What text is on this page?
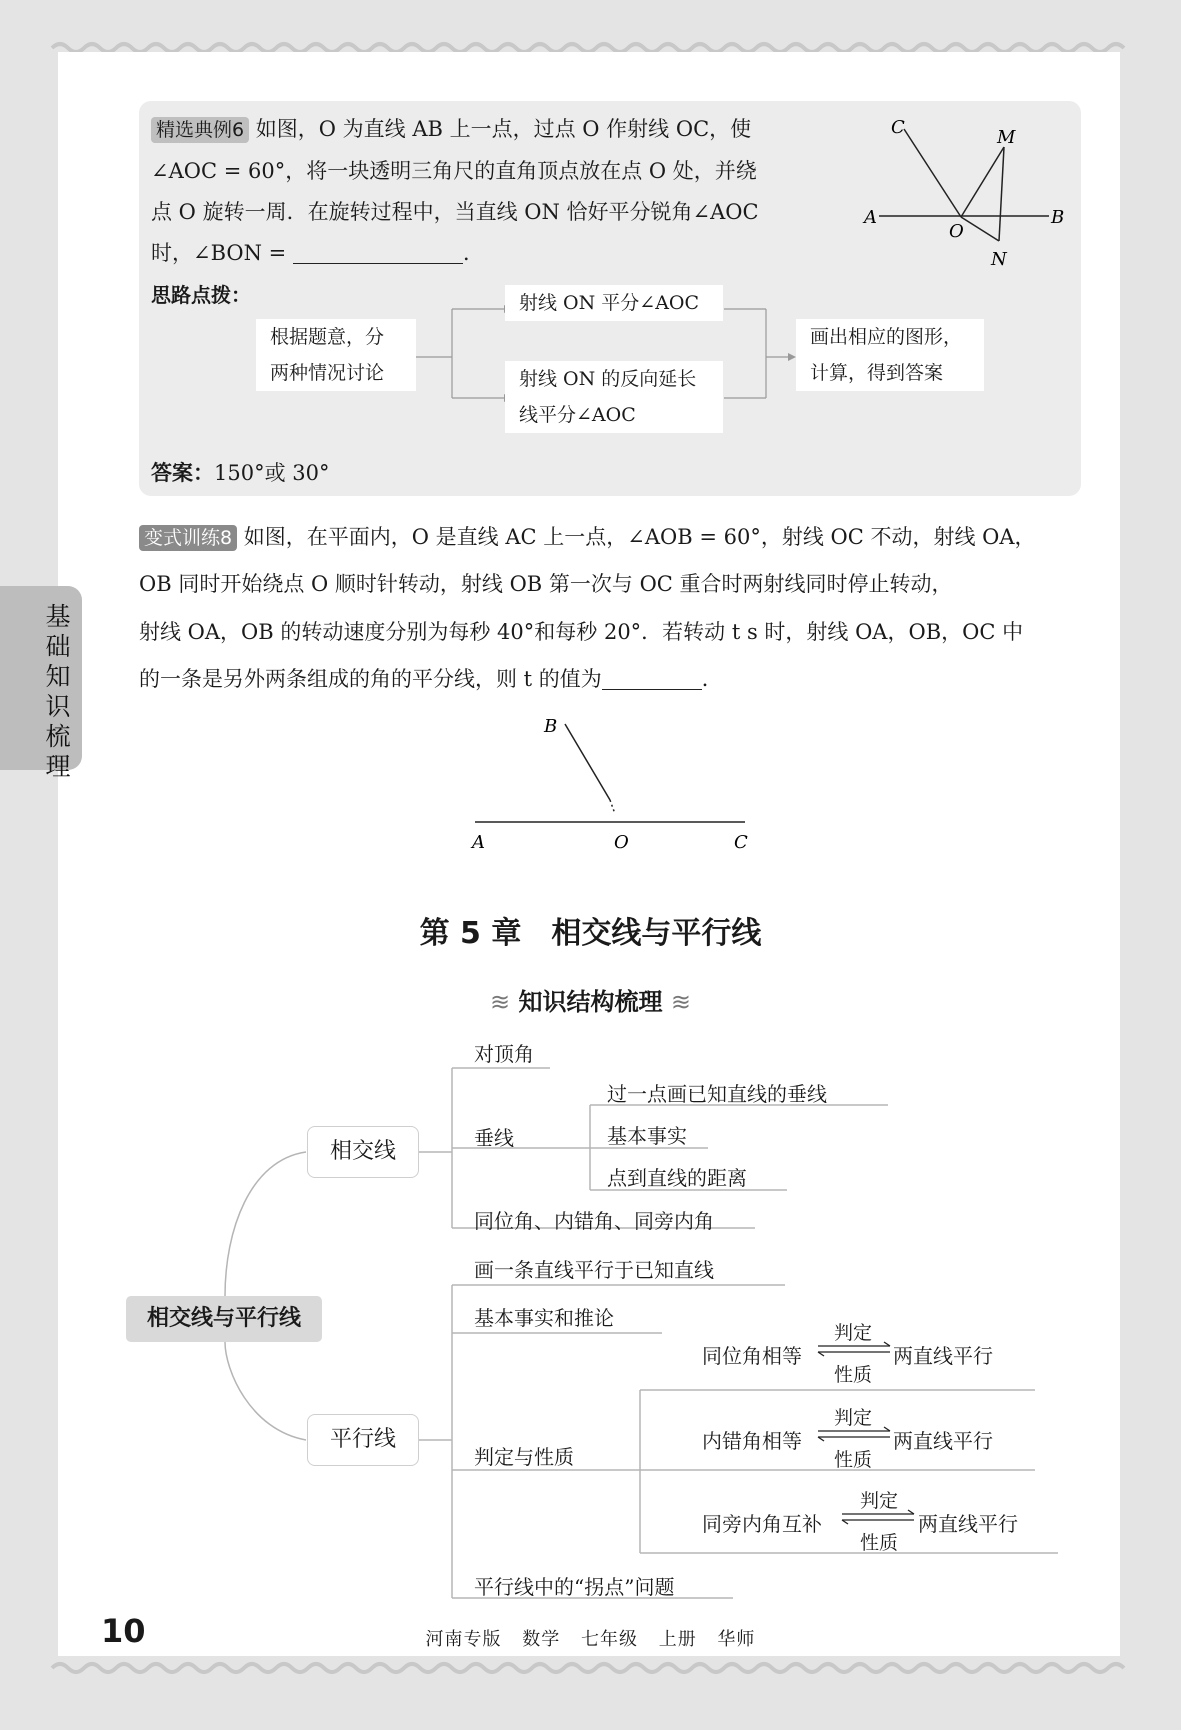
基础知识梳理
精选典例6 如图，O 为直线 AB 上一点，过点 O 作射线 OC，使
∠AOC = 60°，将一块透明三角尺的直角顶点放在点 O 处，并绕
点 O 旋转一周．在旋转过程中，当直线 ON 恰好平分锐角∠AOC
时，∠BON =	．
C	M
A
O
B
N
思路点拨：
根据题意，分
两种情况讨论
射线 ON 平分∠AOC
射线 ON 的反向延长
线平分∠AOC
画出相应的图形，
计算，得到答案
答案：150°或 30°
变式训练8 如图，在平面内，O 是直线 AC 上一点，∠AOB = 60°，射线 OC 不动，射线 OA，
OB 同时开始绕点 O 顺时针转动，射线 OB 第一次与 OC 重合时两射线同时停止转动，
射线 OA，OB 的转动速度分别为每秒 40°和每秒 20°．若转动 t s 时，射线 OA，OB，OC 中
的一条是另外两条组成的角的平分线，则 t 的值为	．
B
A	O	C
第 5 章　相交线与平行线
≋ 知识结构梳理 ≋
相交线与平行线
相交线
平行线
对顶角
垂线
过一点画已知直线的垂线
基本事实
点到直线的距离
同位角、内错角、同旁内角
画一条直线平行于已知直线
基本事实和推论
判定与性质
同位角相等
判定
性质
两直线平行
内错角相等
判定
性质
两直线平行
同旁内角互补
判定
性质
两直线平行
平行线中的“拐点”问题
10	河南专版 数学 七年级 上册 华师
